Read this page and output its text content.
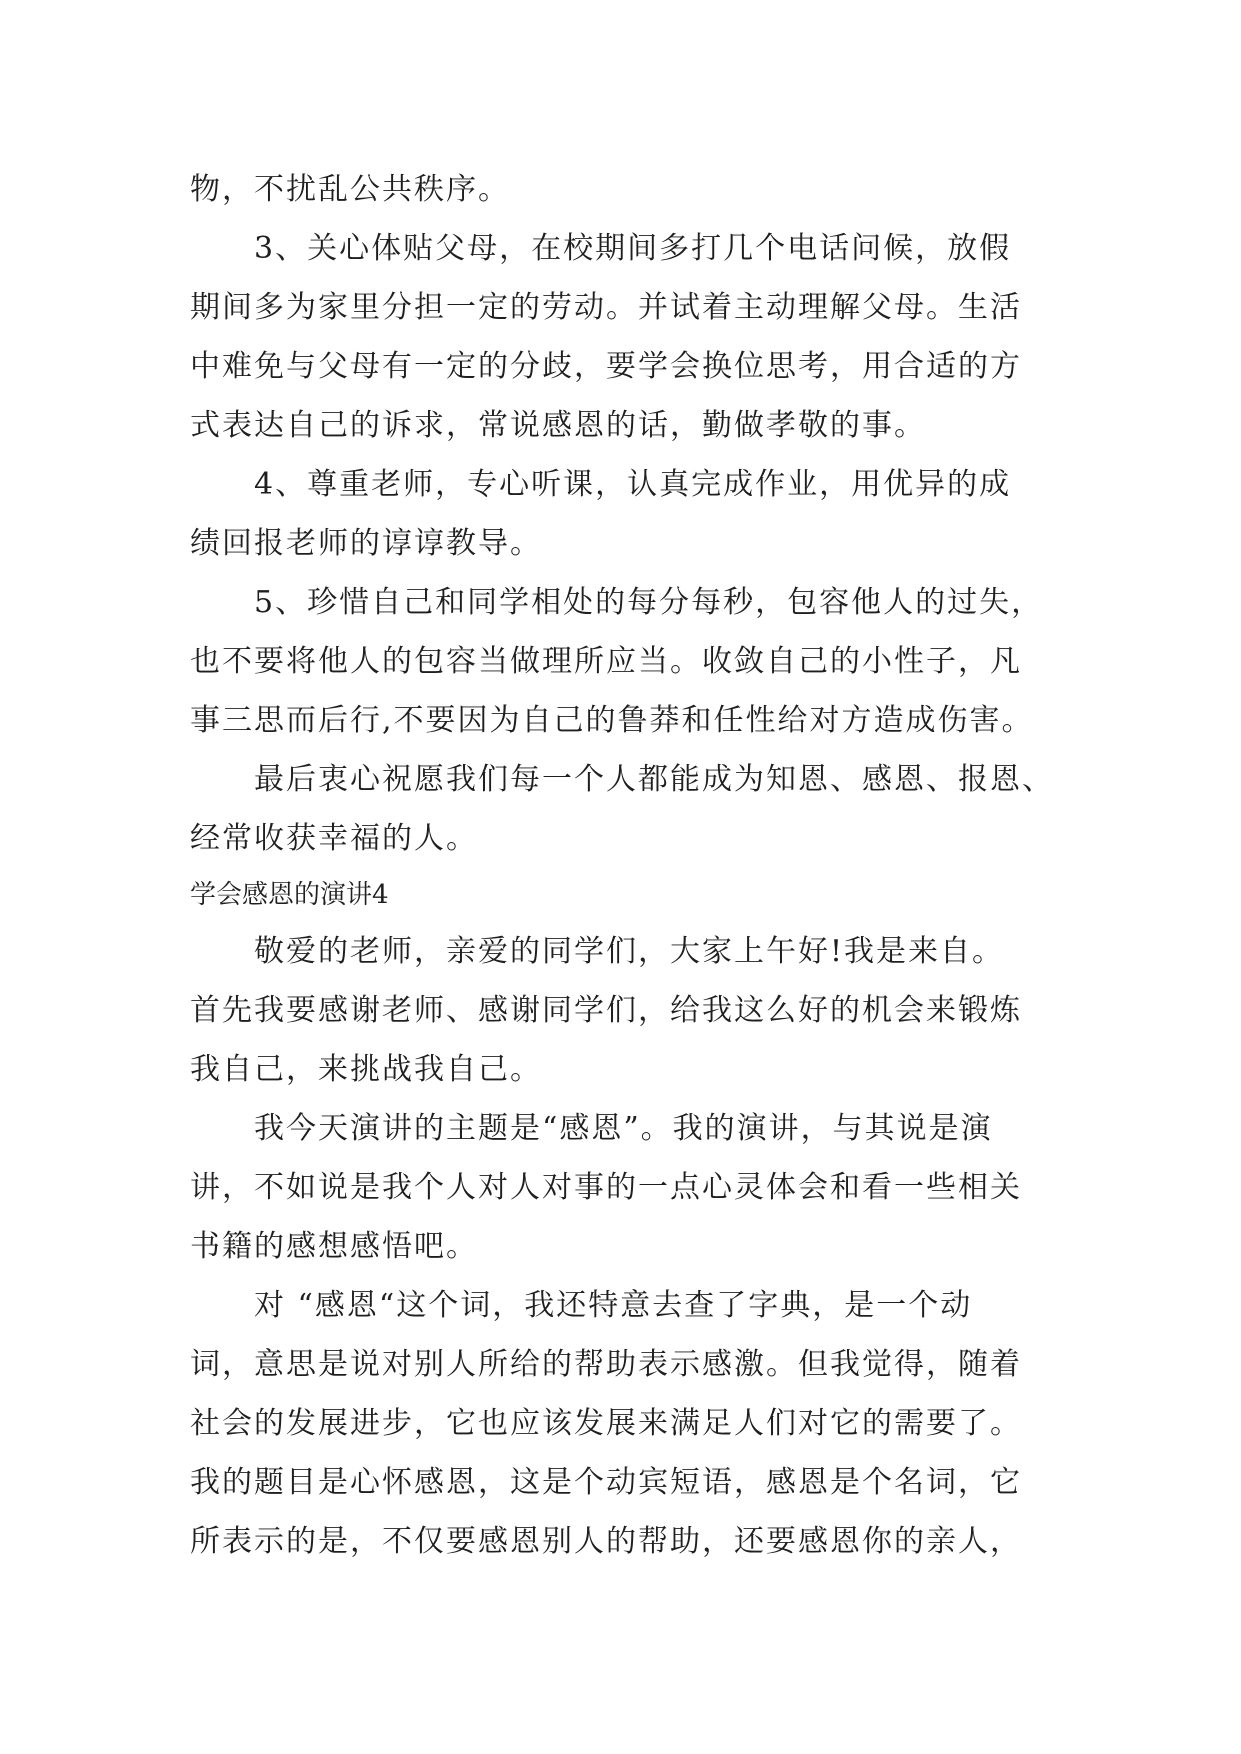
物，不扰乱公共秩序。
3、关心体贴父母，在校期间多打几个电话问候，放假
期间多为家里分担一定的劳动。并试着主动理解父母。生活
中难免与父母有一定的分歧，要学会换位思考，用合适的方
式表达自己的诉求，常说感恩的话，勤做孝敬的事。
4、尊重老师，专心听课，认真完成作业，用优异的成
绩回报老师的谆谆教导。
5、珍惜自己和同学相处的每分每秒，包容他人的过失，
也不要将他人的包容当做理所应当。收敛自己的小性子，凡
事三思而后行,不要因为自己的鲁莽和任性给对方造成伤害。
最后衷心祝愿我们每一个人都能成为知恩、感恩、报恩、
经常收获幸福的人。
学会感恩的演讲4
敬爱的老师，亲爱的同学们，大家上午好!我是来自。
首先我要感谢老师、感谢同学们，给我这么好的机会来锻炼
我自己，来挑战我自己。
我今天演讲的主题是“感恩”。我的演讲，与其说是演
讲，不如说是我个人对人对事的一点心灵体会和看一些相关
书籍的感想感悟吧。
对 “感恩“这个词，我还特意去查了字典，是一个动
词，意思是说对别人所给的帮助表示感激。但我觉得，随着
社会的发展进步，它也应该发展来满足人们对它的需要了。
我的题目是心怀感恩，这是个动宾短语，感恩是个名词，它
所表示的是，不仅要感恩别人的帮助，还要感恩你的亲人，
